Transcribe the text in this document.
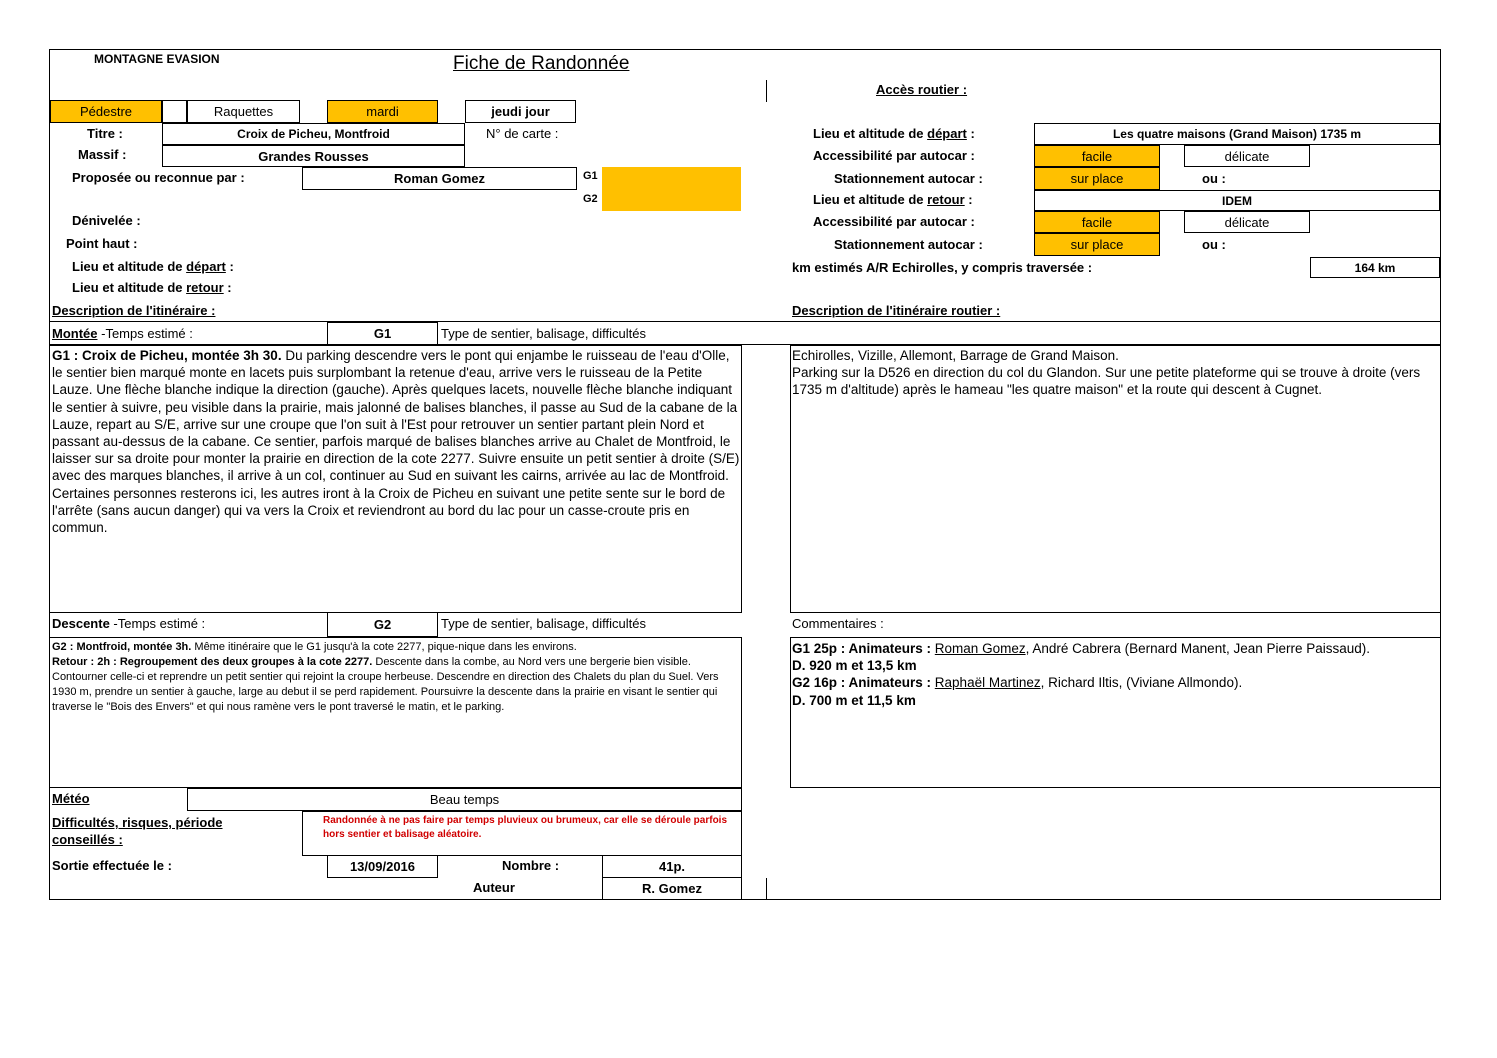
MONTAGNE EVASION	Fiche de Randonnée
Accès routier :
Pédestre	Raquettes	mardi	jeudi jour
Titre :	Croix de Picheu, Montfroid	N° de carte :
Massif :	Grandes Rousses
Proposée ou reconnue par :	Roman Gomez	G1
G2
Dénivelée :
Point haut :
Lieu et altitude de départ :
Lieu et altitude de retour :
Lieu et altitude de départ :	Les quatre maisons (Grand Maison) 1735 m
Accessibilité par autocar :	facile	délicate
Stationnement autocar :	sur place	ou :
Lieu et altitude de retour :	IDEM
Accessibilité par autocar :	facile	délicate
Stationnement autocar :	sur place	ou :
km estimés A/R Echirolles, y compris traversée :	164 km
Description de l'itinéraire :	Description de l'itinéraire routier :
Montée -Temps estimé :	G1	Type de sentier, balisage, difficultés
G1 : Croix de Picheu, montée 3h 30. Du parking descendre vers le pont qui enjambe le ruisseau de l'eau d'Olle, le sentier bien marqué monte en lacets puis surplombant la retenue d'eau, arrive vers le ruisseau de la Petite Lauze. Une flèche blanche indique la direction (gauche). Après quelques lacets, nouvelle flèche blanche indiquant le sentier à suivre, peu visible dans la prairie, mais jalonné de balises blanches, il passe au Sud de la cabane de la Lauze, repart au S/E, arrive sur une croupe que l'on suit à l'Est pour retrouver un sentier partant plein Nord et passant au-dessus de la cabane. Ce sentier, parfois marqué de balises blanches arrive au Chalet de Montfroid, le laisser sur sa droite pour monter la prairie en direction de la cote 2277. Suivre ensuite un petit sentier à droite (S/E) avec des marques blanches, il arrive à un col, continuer au Sud en suivant les cairns, arrivée au lac de Montfroid. Certaines personnes resterons ici, les autres iront à la Croix de Picheu en suivant une petite sente sur le bord de l'arrête (sans aucun danger) qui va vers la Croix et reviendront au bord du lac pour un casse-croute pris en commun.
Echirolles, Vizille, Allemont, Barrage de Grand Maison.
Parking sur la D526 en direction du col du Glandon. Sur une petite plateforme qui se trouve à droite (vers 1735 m d'altitude) après le hameau "les quatre maison" et la route qui descent à Cugnet.
Descente -Temps estimé :	G2	Type de sentier, balisage, difficultés	Commentaires :
G2 : Montfroid, montée 3h. Même itinéraire que le G1 jusqu'à la cote 2277, pique-nique dans les environs.
Retour : 2h : Regroupement des deux groupes à la cote 2277. Descente dans la combe, au Nord vers une bergerie bien visible. Contourner celle-ci et reprendre un petit sentier qui rejoint la croupe herbeuse. Descendre en direction des Chalets du plan du Suel. Vers 1930 m, prendre un sentier à gauche, large au debut il se perd rapidement. Poursuivre la descente dans la prairie en visant le sentier qui traverse le "Bois des Envers" et qui nous ramène vers le pont traversé le matin, et le parking.
G1 25p : Animateurs : Roman Gomez, André Cabrera (Bernard Manent, Jean Pierre Paissaud).
D. 920 m et 13,5 km
G2 16p : Animateurs : Raphaël Martinez, Richard Iltis, (Viviane Allmondo).
D. 700 m et 11,5 km
Météo	Beau temps
Difficultés, risques, période conseillés :
Randonnée à ne pas faire par temps pluvieux ou brumeux, car elle se déroule parfois hors sentier et balisage aléatoire.
Sortie effectuée le :	13/09/2016	Nombre :	41p.
Auteur	R. Gomez
